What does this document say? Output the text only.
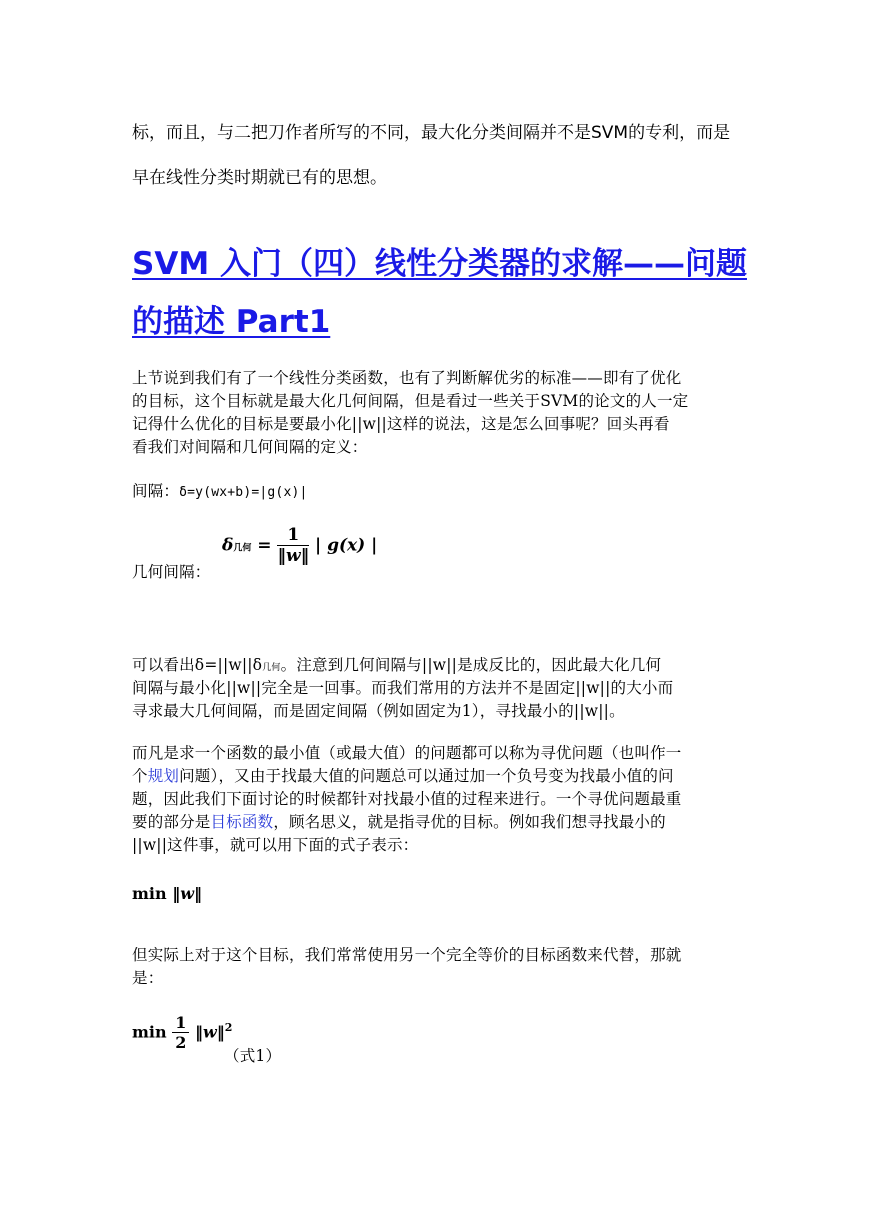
标，而且，与二把刀作者所写的不同，最大化分类间隔并不是SVM的专利，而是
早在线性分类时期就已有的思想。
SVM 入门（四）线性分类器的求解——问题
的描述 Part1
上节说到我们有了一个线性分类函数，也有了判断解优劣的标准——即有了优化
的目标，这个目标就是最大化几何间隔，但是看过一些关于SVM的论文的人一定
记得什么优化的目标是要最小化||w||这样的说法，这是怎么回事呢？回头再看
看我们对间隔和几何间隔的定义：
间隔：δ=y(wx+b)=|g(x)|
几何间隔：
δ几何 = $\frac{1}{‖w‖}$ | g(x) |
可以看出δ=||w||δ几何。注意到几何间隔与||w||是成反比的，因此最大化几何
间隔与最小化||w||完全是一回事。而我们常用的方法并不是固定||w||的大小而
寻求最大几何间隔，而是固定间隔（例如固定为1），寻找最小的||w||。
而凡是求一个函数的最小值（或最大值）的问题都可以称为寻优问题（也叫作一
个规划问题），又由于找最大值的问题总可以通过加一个负号变为找最小值的问
题，因此我们下面讨论的时候都针对找最小值的过程来进行。一个寻优问题最重
要的部分是目标函数，顾名思义，就是指寻优的目标。例如我们想寻找最小的
||w||这件事，就可以用下面的式子表示：
min ‖w‖
但实际上对于这个目标，我们常常使用另一个完全等价的目标函数来代替，那就
是：
$\min \frac{1}{2}$ ‖w‖$^2$
（式1）
